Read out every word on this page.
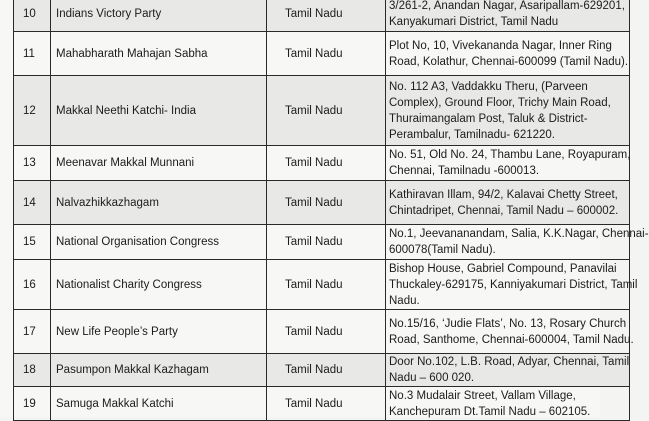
10	Indians Victory Party	Tamil Nadu	3/261-2, Anandan Nagar, Asaripallam-629201,
Kanyakumari District, Tamil Nadu

11	Mahabharath Mahajan Sabha	Tamil Nadu	Plot No, 10, Vivekananda Nagar, Inner Ring
Road, Kolathur, Chennai-600099 (Tamil Nadu).

12	Makkal Neethi Katchi- India	Tamil Nadu	No. 112 A3, Vaddakku Theru, (Parveen
Complex), Ground Floor, Trichy Main Road,
Thuraimangalam Post, Taluk & District-
Perambalur, Tamilnadu- 621220.

13	Meenavar Makkal Munnani	Tamil Nadu	No. 51, Old No. 24, Thambu Lane, Royapuram,
Chennai, Tamilnadu -600013.

14	Nalvazhikkazhagam	Tamil Nadu	Kathiravan Illam, 94/2, Kalavai Chetty Street,
Chintadripet, Chennai, Tamil Nadu – 600002.

15	National Organisation Congress	Tamil Nadu	No.1, Jeevananandam, Salia, K.K.Nagar, Chennai-
600078(Tamil Nadu).

16	Nationalist Charity Congress	Tamil Nadu	Bishop House, Gabriel Compound, Panavilai
Thuckaley-629175, Kanniyakumari District, Tamil
Nadu.

17	New Life People’s Party	Tamil Nadu	No.15/16, ‘Judie Flats’, No. 13, Rosary Church
Road, Santhome, Chennai-600004, Tamil Nadu.

18	Pasumpon Makkal Kazhagam	Tamil Nadu	Door No.102, L.B. Road, Adyar, Chennai, Tamil
Nadu – 600 020.

19	Samuga Makkal Katchi	Tamil Nadu	No.3 Mudalair Street, Vallam Village,
Kanchepuram Dt.Tamil Nadu – 602105.
